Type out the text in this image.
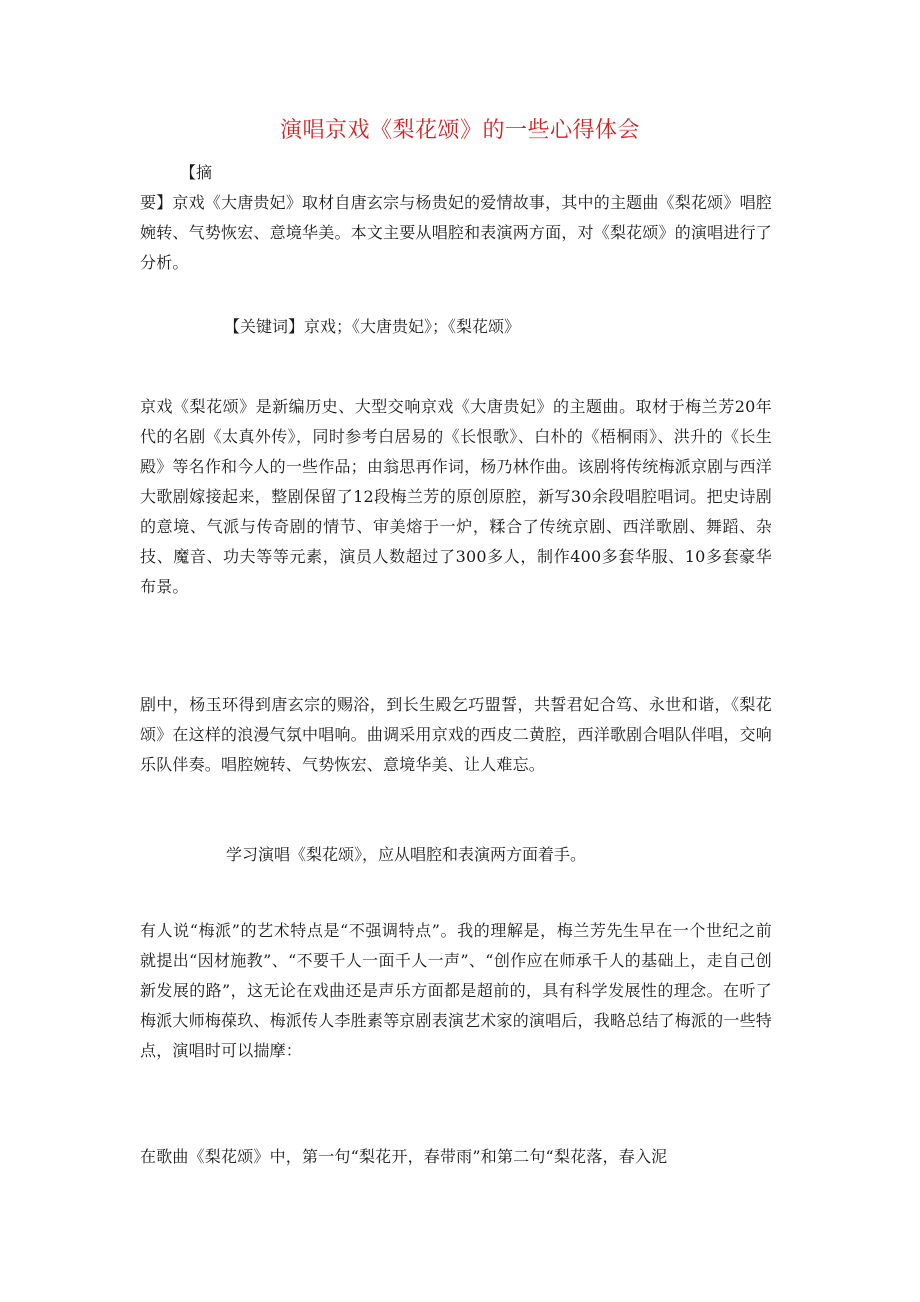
演唱京戏《梨花颂》的一些心得体会

【摘

要】京戏《大唐贵妃》取材自唐玄宗与杨贵妃的爱情故事，其中的主题曲《梨花颂》唱腔婉转、气势恢宏、意境华美。本文主要从唱腔和表演两方面，对《梨花颂》的演唱进行了分析。

【关键词】京戏；《大唐贵妃》；《梨花颂》

京戏《梨花颂》是新编历史、大型交响京戏《大唐贵妃》的主题曲。取材于梅兰芳20年代的名剧《太真外传》，同时参考白居易的《长恨歌》、白朴的《梧桐雨》、洪升的《长生殿》等名作和今人的一些作品；由翁思再作词，杨乃林作曲。该剧将传统梅派京剧与西洋大歌剧嫁接起来，整剧保留了12段梅兰芳的原创原腔，新写30余段唱腔唱词。把史诗剧的意境、气派与传奇剧的情节、审美熔于一炉，糅合了传统京剧、西洋歌剧、舞蹈、杂技、魔音、功夫等等元素，演员人数超过了300多人，制作400多套华服、10多套豪华布景。

剧中，杨玉环得到唐玄宗的赐浴，到长生殿乞巧盟誓，共誓君妃合笃、永世和谐，《梨花颂》在这样的浪漫气氛中唱响。曲调采用京戏的西皮二黄腔，西洋歌剧合唱队伴唱，交响乐队伴奏。唱腔婉转、气势恢宏、意境华美、让人难忘。

学习演唱《梨花颂》，应从唱腔和表演两方面着手。

有人说“梅派”的艺术特点是“不强调特点”。我的理解是，梅兰芳先生早在一个世纪之前就提出“因材施教”、“不要千人一面千人一声”、“创作应在师承千人的基础上，走自己创新发展的路”，这无论在戏曲还是声乐方面都是超前的，具有科学发展性的理念。在听了梅派大师梅葆玖、梅派传人李胜素等京剧表演艺术家的演唱后，我略总结了梅派的一些特点，演唱时可以揣摩：

在歌曲《梨花颂》中，第一句“梨花开，春带雨”和第二句“梨花落，春入泥
